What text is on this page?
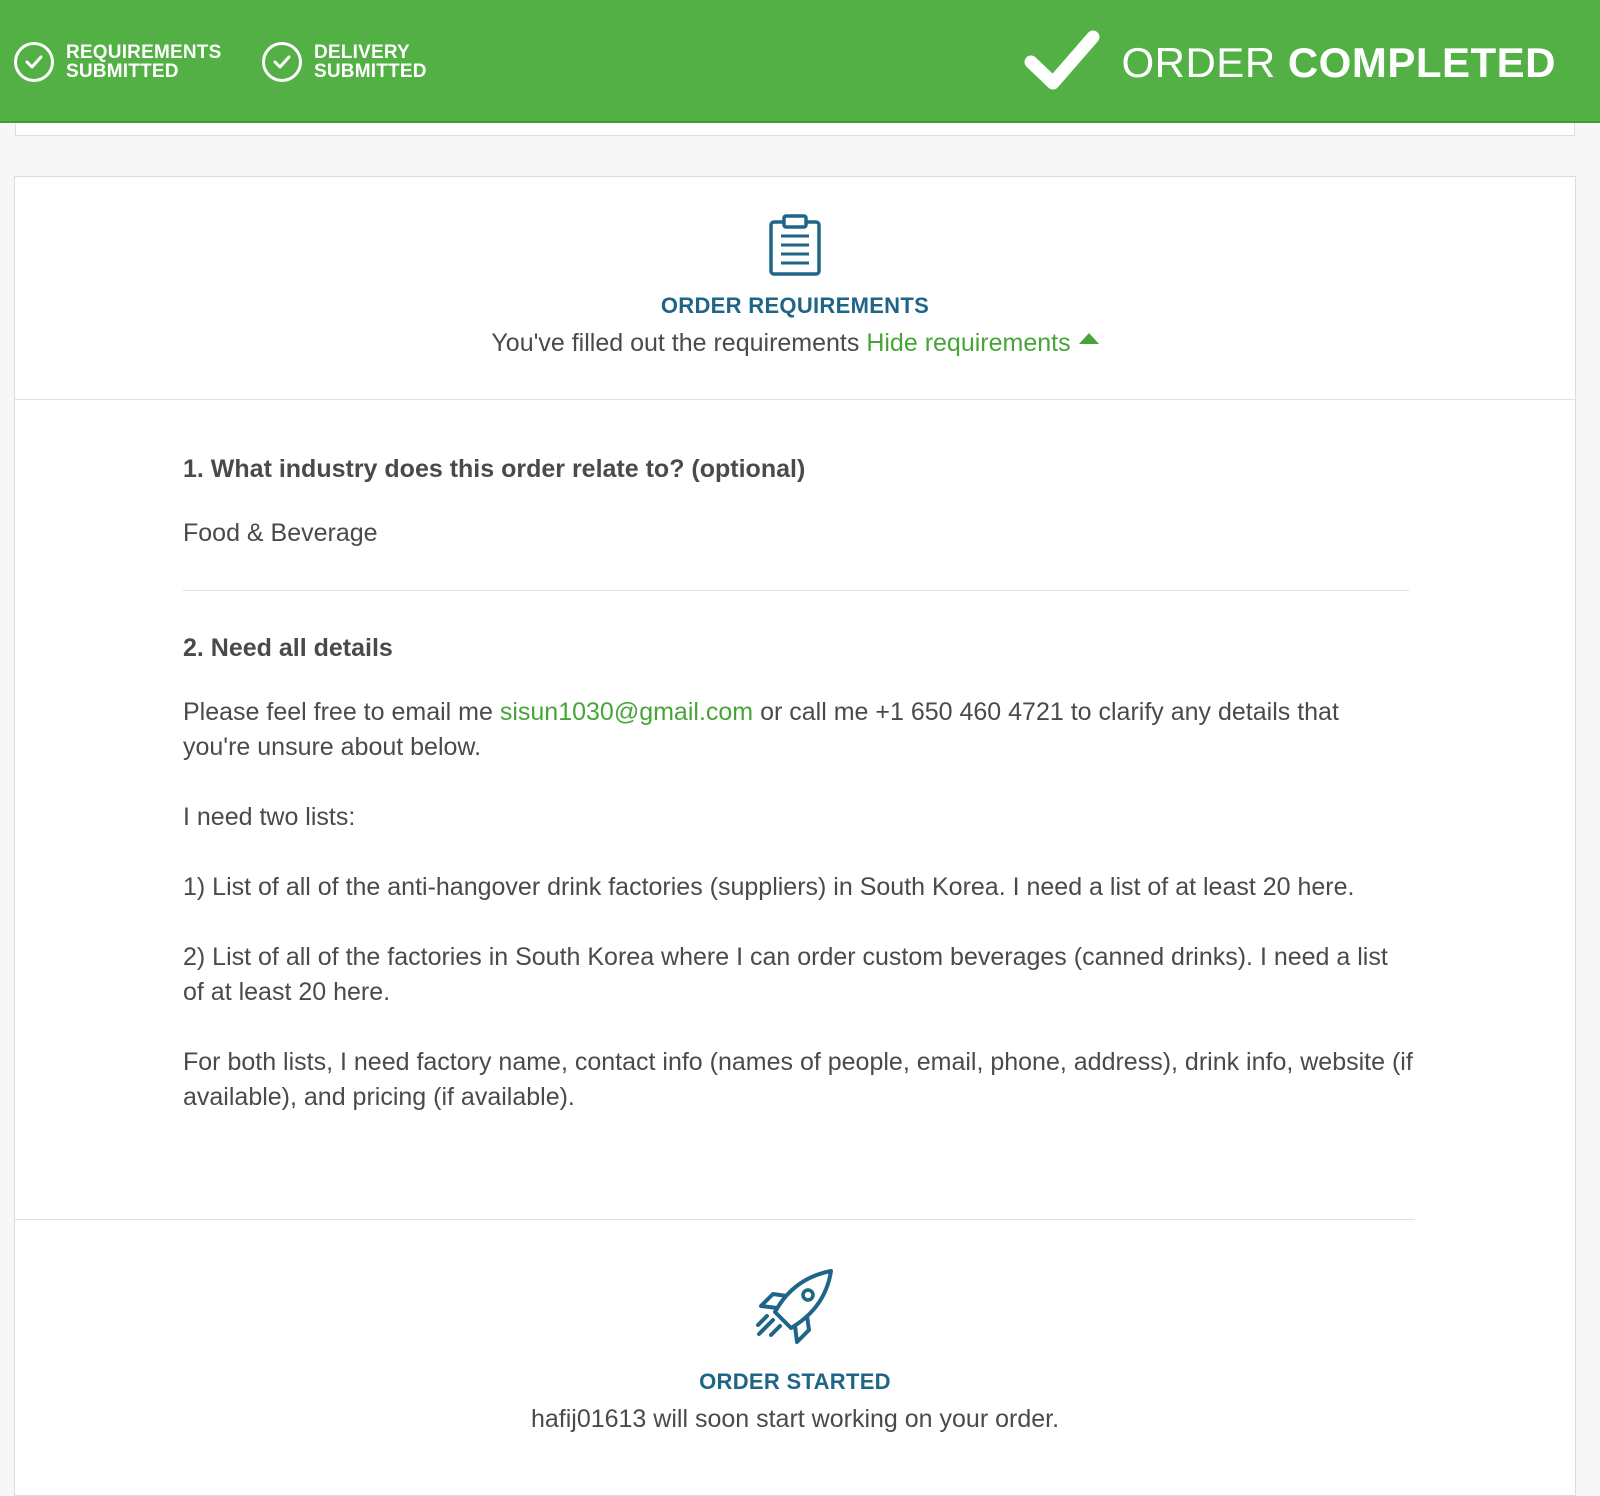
REQUIREMENTS
SUBMITTED
DELIVERY
SUBMITTED	ORDER COMPLETED
ORDER REQUIREMENTS
You've filled out the requirements Hide requirements

1. What industry does this order relate to? (optional)

Food & Beverage

2. Need all details

Please feel free to email me sisun1030@gmail.com or call me +1 650 460 4721 to clarify any details that you're unsure about below.

I need two lists:

1) List of all of the anti-hangover drink factories (suppliers) in South Korea. I need a list of at least 20 here.

2) List of all of the factories in South Korea where I can order custom beverages (canned drinks). I need a list of at least 20 here.

For both lists, I need factory name, contact info (names of people, email, phone, address), drink info, website (if available), and pricing (if available).

ORDER STARTED
hafij01613 will soon start working on your order.
